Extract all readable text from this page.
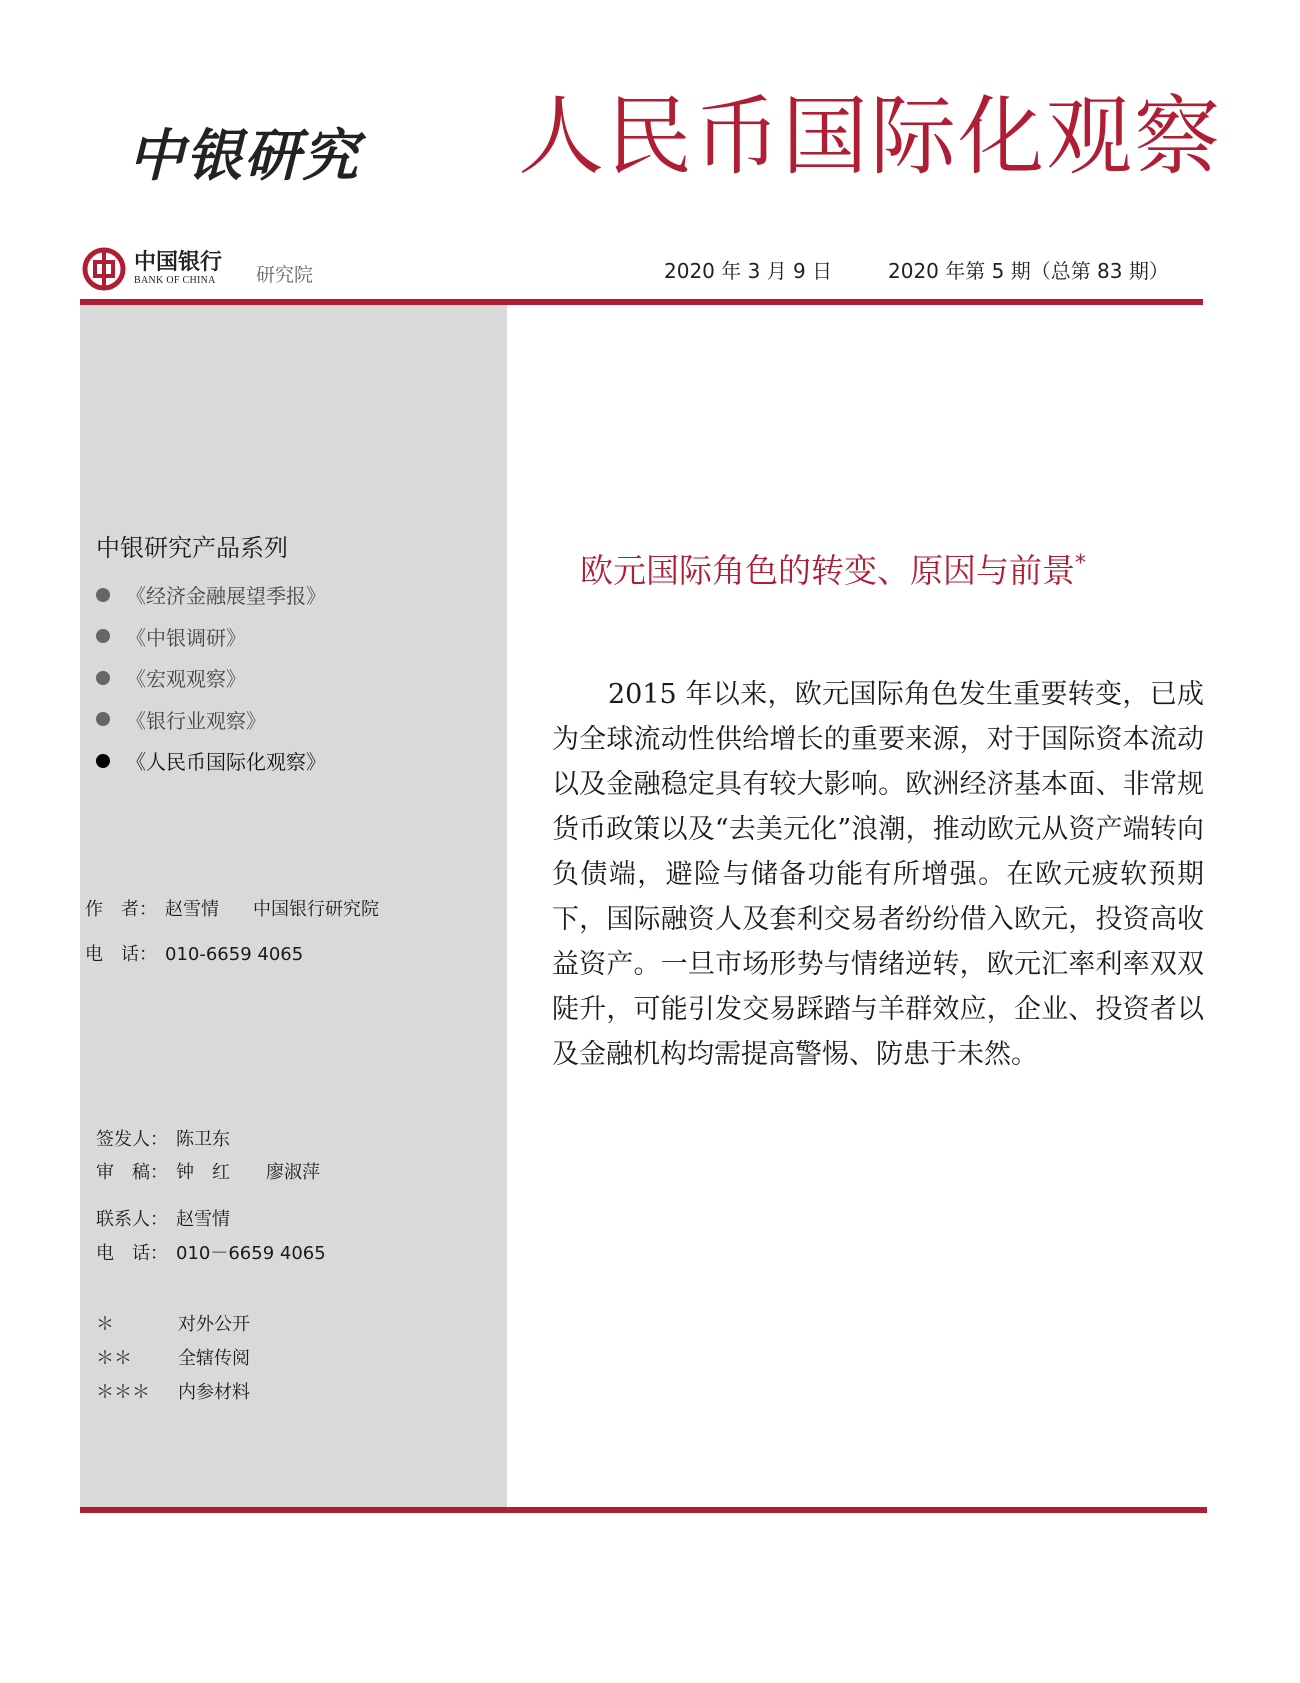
中银研究 人民币国际化观察
中国银行
BANK OF CHINA 研究院	2020 年 3 月 9 日	2020 年第 5 期（总第 83 期）
中银研究产品系列
《经济金融展望季报》
《中银调研》
《宏观观察》
《银行业观察》
《人民币国际化观察》
作　者： 赵雪情 中国银行研究院
电　话： 010-6659 4065
签发人： 陈卫东
审　稿： 钟　红　　廖淑萍
联系人： 赵雪情
电　话： 010－6659 4065
＊	对外公开
＊＊	全辖传阅
＊＊＊ 内参材料
欧元国际角色的转变、原因与前景*

2015 年以来，欧元国际角色发生重要转变，已成为全球流动性供给增长的重要来源，对于国际资本流动以及金融稳定具有较大影响。欧洲经济基本面、非常规货币政策以及“去美元化”浪潮，推动欧元从资产端转向负债端，避险与储备功能有所增强。在欧元疲软预期下，国际融资人及套利交易者纷纷借入欧元，投资高收益资产。一旦市场形势与情绪逆转，欧元汇率利率双双陡升，可能引发交易踩踏与羊群效应，企业、投资者以及金融机构均需提高警惕、防患于未然。
